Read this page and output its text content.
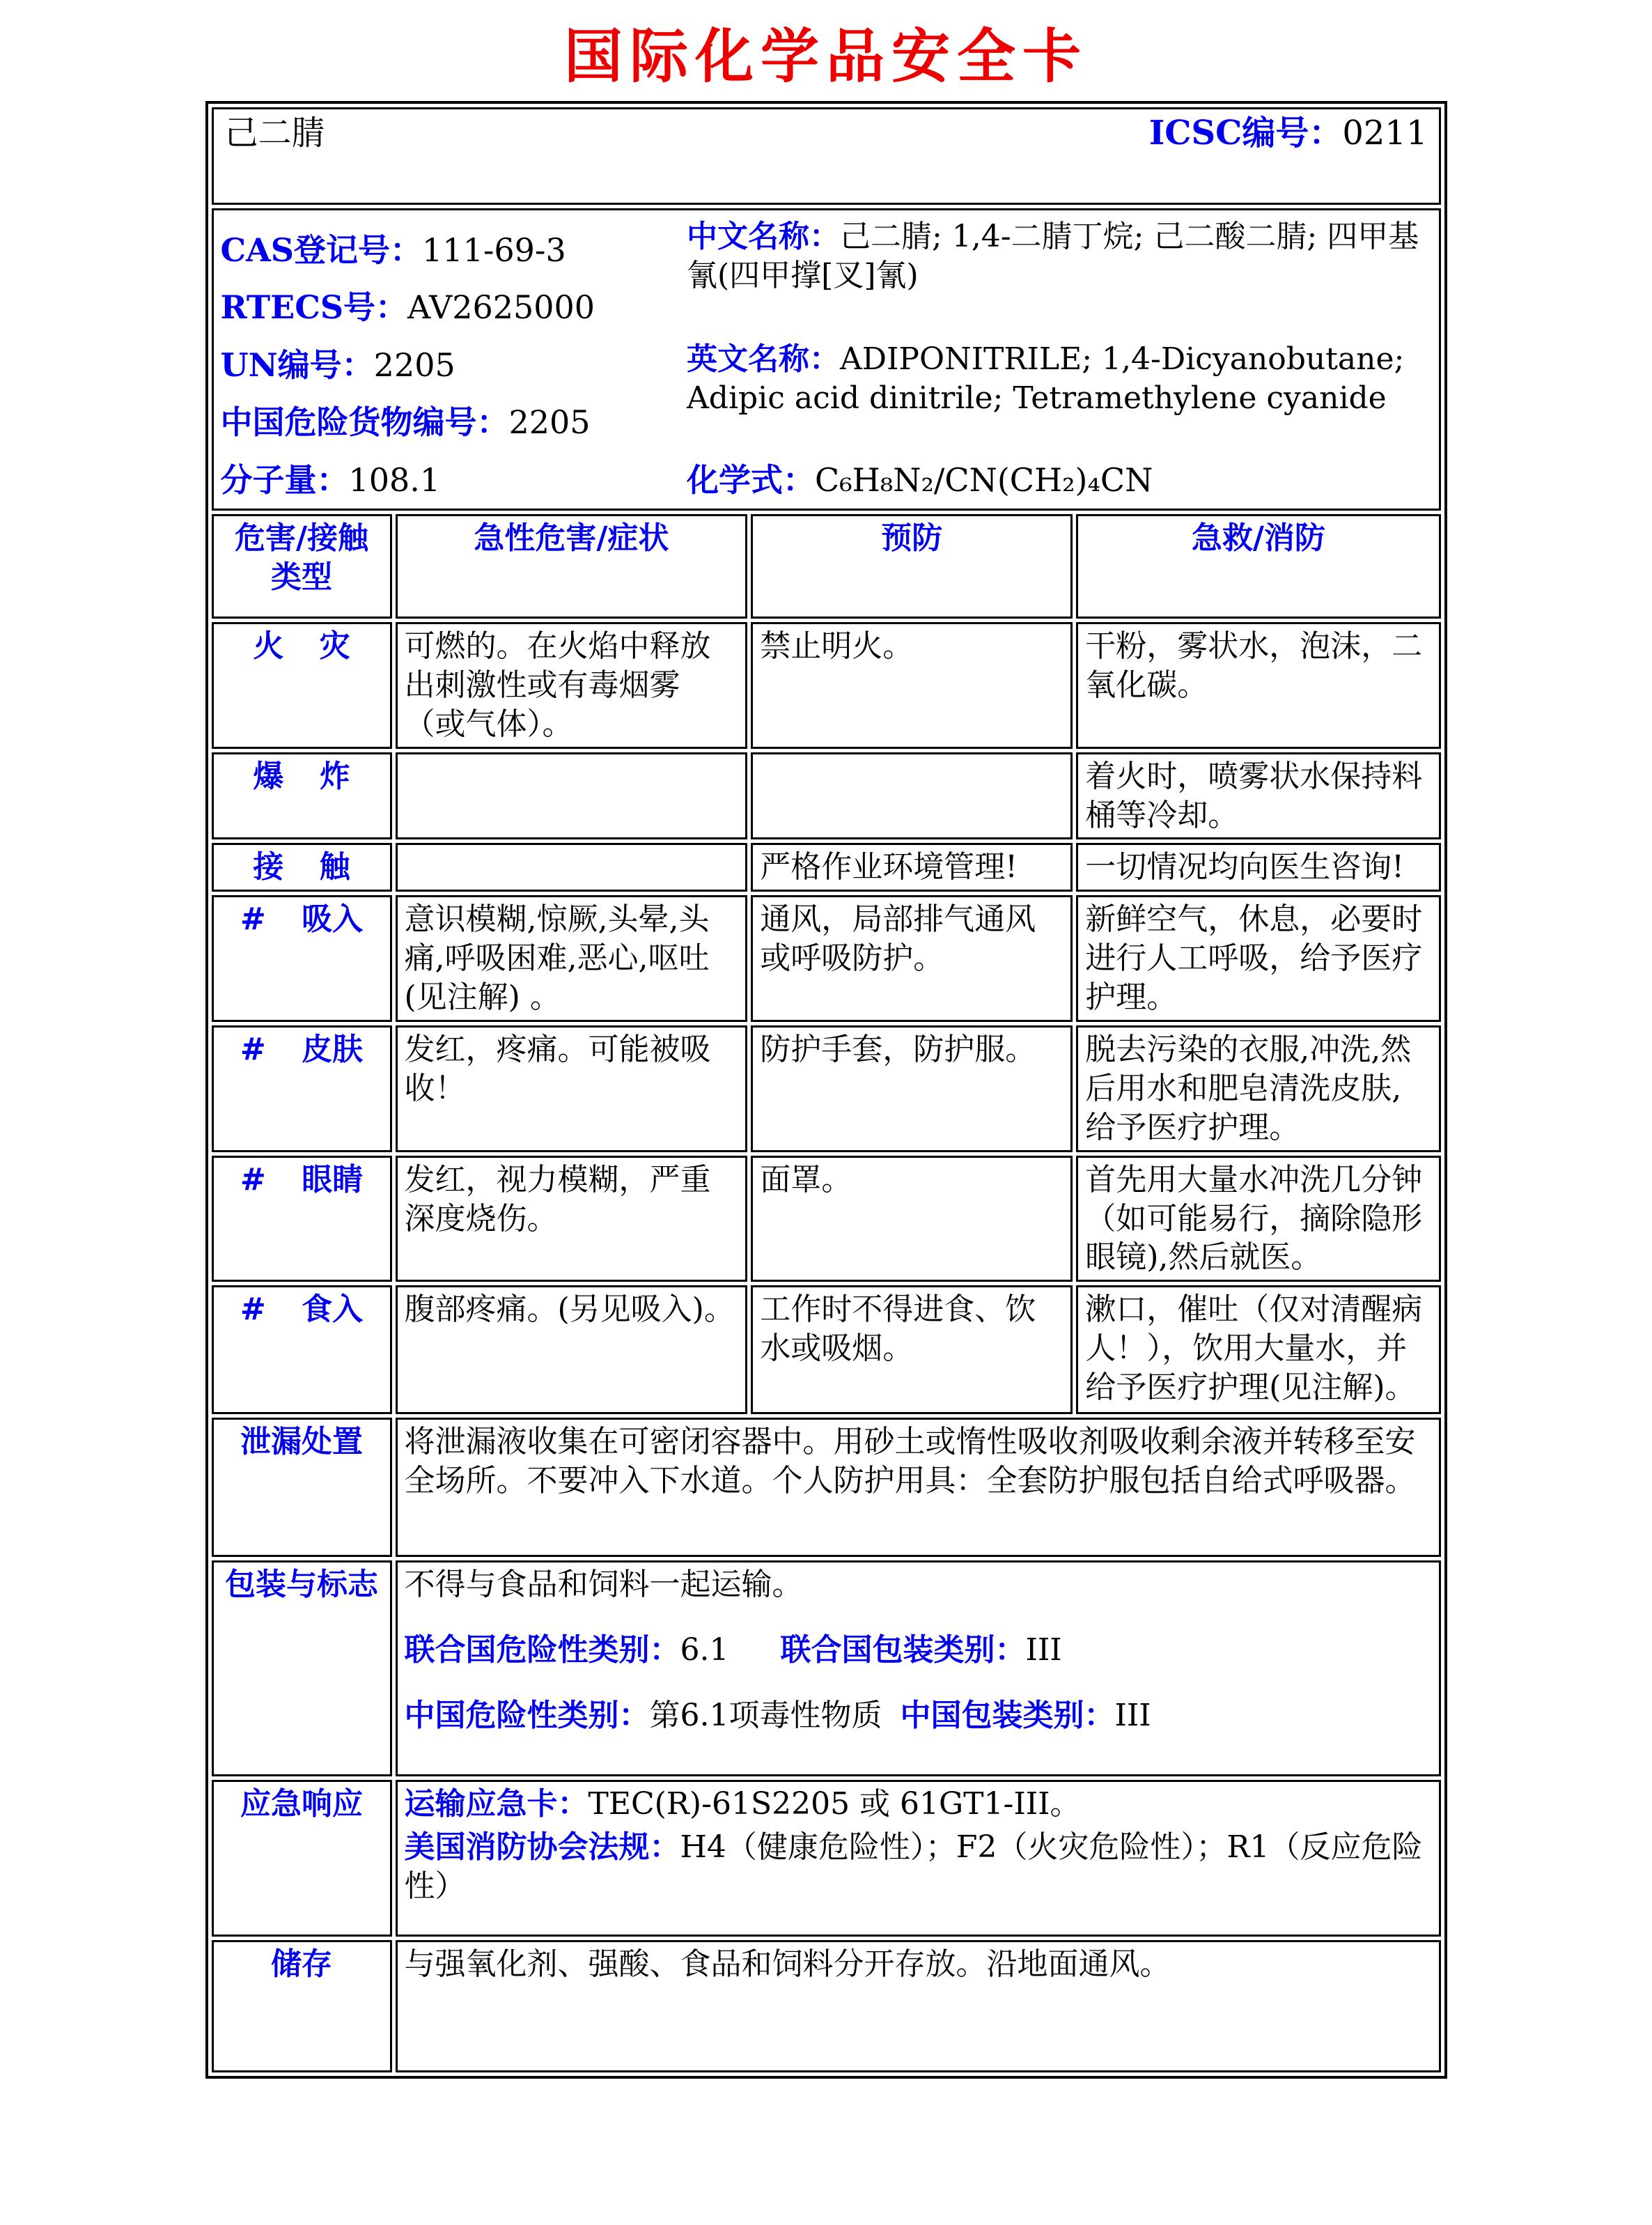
国际化学品安全卡
己二腈 ICSC编号：0211			

CAS登记号：111-69-3

RTECS号：AV2625000

UN编号：2205

中国危险货物编号：2205

中文名称：己二腈; 1,4-二腈丁烷; 己二酸二腈; 四甲基氰(四甲撑[叉]氰)

英文名称：ADIPONITRILE; 1,4-Dicyanobutane; Adipic acid dinitrile; Tetramethylene cyanide

分子量：108.1	化学式：C₆H₈N₂/CN(CH₂)₄CN

危害/接触类型	急性危害/症状	预防	急救/消防
火 灾	可燃的。在火焰中释放出刺激性或有毒烟雾（或气体）。	禁止明火。	干粉，雾状水，泡沫，二氧化碳。
爆 炸			着火时，喷雾状水保持料桶等冷却。
接 触		严格作业环境管理!	一切情况均向医生咨询!
# 吸入	意识模糊,惊厥,头晕,头痛,呼吸困难,恶心,呕吐(见注解) 。	通风，局部排气通风或呼吸防护。	新鲜空气，休息，必要时进行人工呼吸，给予医疗护理。
# 皮肤	发红，疼痛。可能被吸收！	防护手套，防护服。	脱去污染的衣服,冲洗,然后用水和肥皂清洗皮肤,给予医疗护理。
# 眼睛	发红，视力模糊，严重深度烧伤。	面罩。	首先用大量水冲洗几分钟（如可能易行，摘除隐形眼镜),然后就医。
# 食入	腹部疼痛。(另见吸入)。	工作时不得进食、饮水或吸烟。	漱口，催吐（仅对清醒病人！），饮用大量水，并给予医疗护理(见注解)。
泄漏处置	将泄漏液收集在可密闭容器中。用砂土或惰性吸收剂吸收剩余液并转移至安全场所。不要冲入下水道。个人防护用具：全套防护服包括自给式呼吸器。		

包装与标志	不得与食品和饲料一起运输。
联合国危险性类别：6.1 联合国包装类别：III
中国危险性类别：第6.1项毒性物质 中国包装类别：III		

应急响应	运输应急卡：TEC(R)-61S2205 或 61GT1-III。
美国消防协会法规：H4（健康危险性）；F2（火灾危险性）；R1（反应危险性）		

储存	与强氧化剂、强酸、食品和饲料分开存放。沿地面通风。		
